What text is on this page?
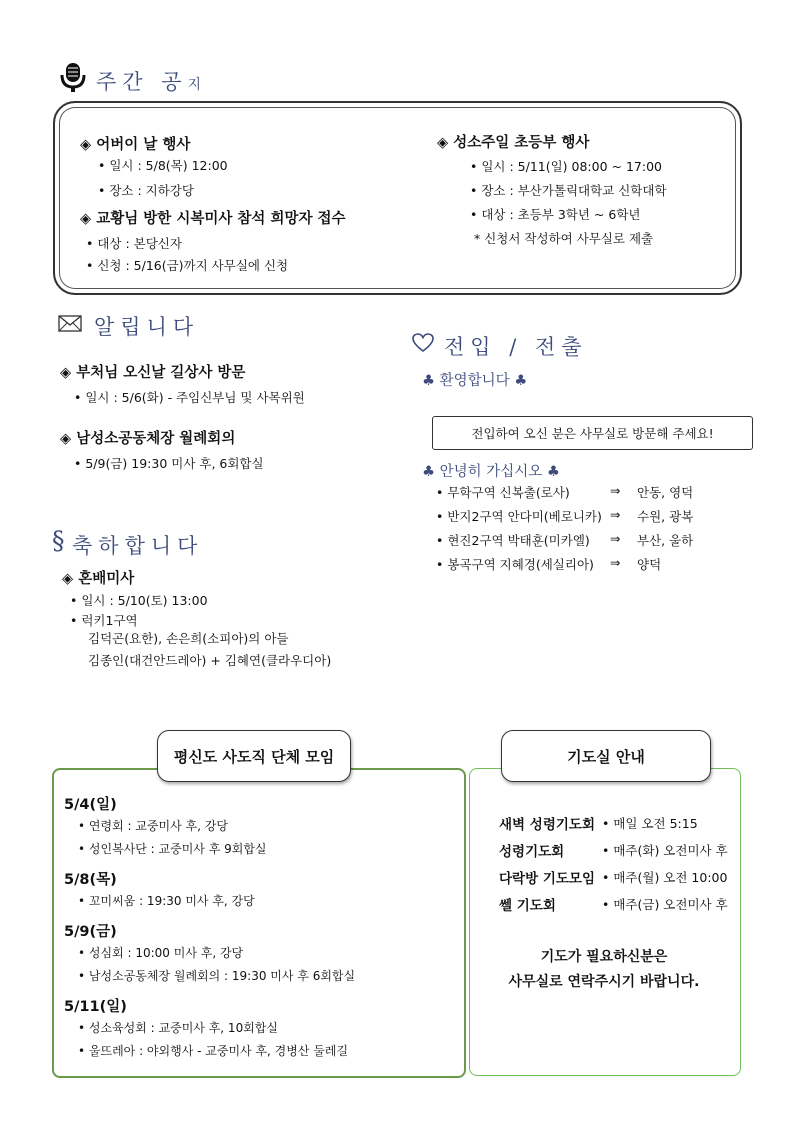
주간 공지
◈ 어버이 날 행사
• 일시 : 5/8(목) 12:00
• 장소 : 지하강당
◈ 교황님 방한 시복미사 참석 희망자 접수
• 대상 : 본당신자
• 신청 : 5/16(금)까지 사무실에 신청
◈ 성소주일 초등부 행사
• 일시 : 5/11(일) 08:00 ~ 17:00
• 장소 : 부산가톨릭대학교 신학대학
• 대상 : 초등부 3학년 ~ 6학년
* 신청서 작성하여 사무실로 제출
알립니다
◈ 부처님 오신날 길상사 방문
• 일시 : 5/6(화) - 주임신부님 및 사목위원
◈ 남성소공동체장 월례회의
• 5/9(금) 19:30 미사 후, 6회합실
§ 축하합니다
◈ 혼배미사
• 일시 : 5/10(토) 13:00
• 럭키1구역
김덕곤(요한), 손은희(소피아)의 아들
김종인(대건안드레아) + 김혜연(클라우디아)
전입 / 전출
♣ 환영합니다 ♣
전입하여 오신 분은 사무실로 방문해 주세요!
♣ 안녕히 가십시오 ♣
• 무학구역 신복출(로사)	⇒ 안동, 영덕
• 반지2구역 안다미(베로니카) ⇒ 수원, 광복
• 현진2구역 박태훈(미카엘) ⇒ 부산, 울하
• 봉곡구역 지혜경(세실리아) ⇒ 양덕
평신도 사도직 단체 모임
5/4(일)
• 연령회 : 교중미사 후, 강당
• 성인복사단 : 교중미사 후 9회합실
5/8(목)
• 꼬미씨움 : 19:30 미사 후, 강당
5/9(금)
• 성심회 : 10:00 미사 후, 강당
• 남성소공동체장 월례회의 : 19:30 미사 후 6회합실
5/11(일)
• 성소육성회 : 교중미사 후, 10회합실
• 울뜨레아 : 야외행사 - 교중미사 후, 경병산 둘레길
기도실 안내
새벽 성령기도회 • 매일 오전 5:15
성령기도회	• 매주(화) 오전미사 후
다락방 기도모임 • 매주(월) 오전 10:00
쎌 기도회	• 매주(금) 오전미사 후
기도가 필요하신분은
사무실로 연락주시기 바랍니다.
